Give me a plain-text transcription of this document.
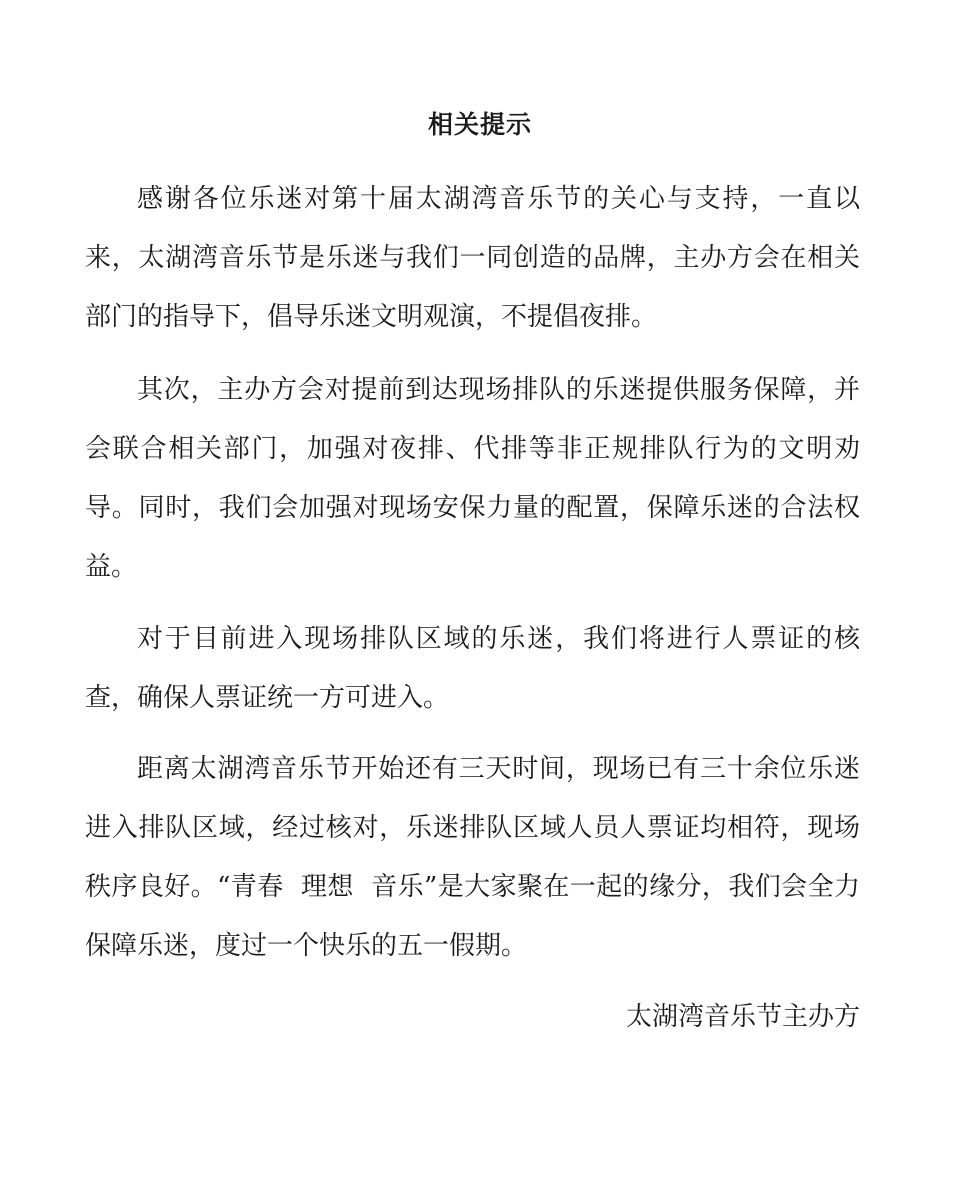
相关提示

感谢各位乐迷对第十届太湖湾音乐节的关心与支持，一直以来，太湖湾音乐节是乐迷与我们一同创造的品牌，主办方会在相关部门的指导下，倡导乐迷文明观演，不提倡夜排。

其次，主办方会对提前到达现场排队的乐迷提供服务保障，并会联合相关部门，加强对夜排、代排等非正规排队行为的文明劝导。同时，我们会加强对现场安保力量的配置，保障乐迷的合法权益。

对于目前进入现场排队区域的乐迷，我们将进行人票证的核查，确保人票证统一方可进入。

距离太湖湾音乐节开始还有三天时间，现场已有三十余位乐迷进入排队区域，经过核对，乐迷排队区域人员人票证均相符，现场秩序良好。“青春  理想  音乐”是大家聚在一起的缘分，我们会全力保障乐迷，度过一个快乐的五一假期。

太湖湾音乐节主办方
